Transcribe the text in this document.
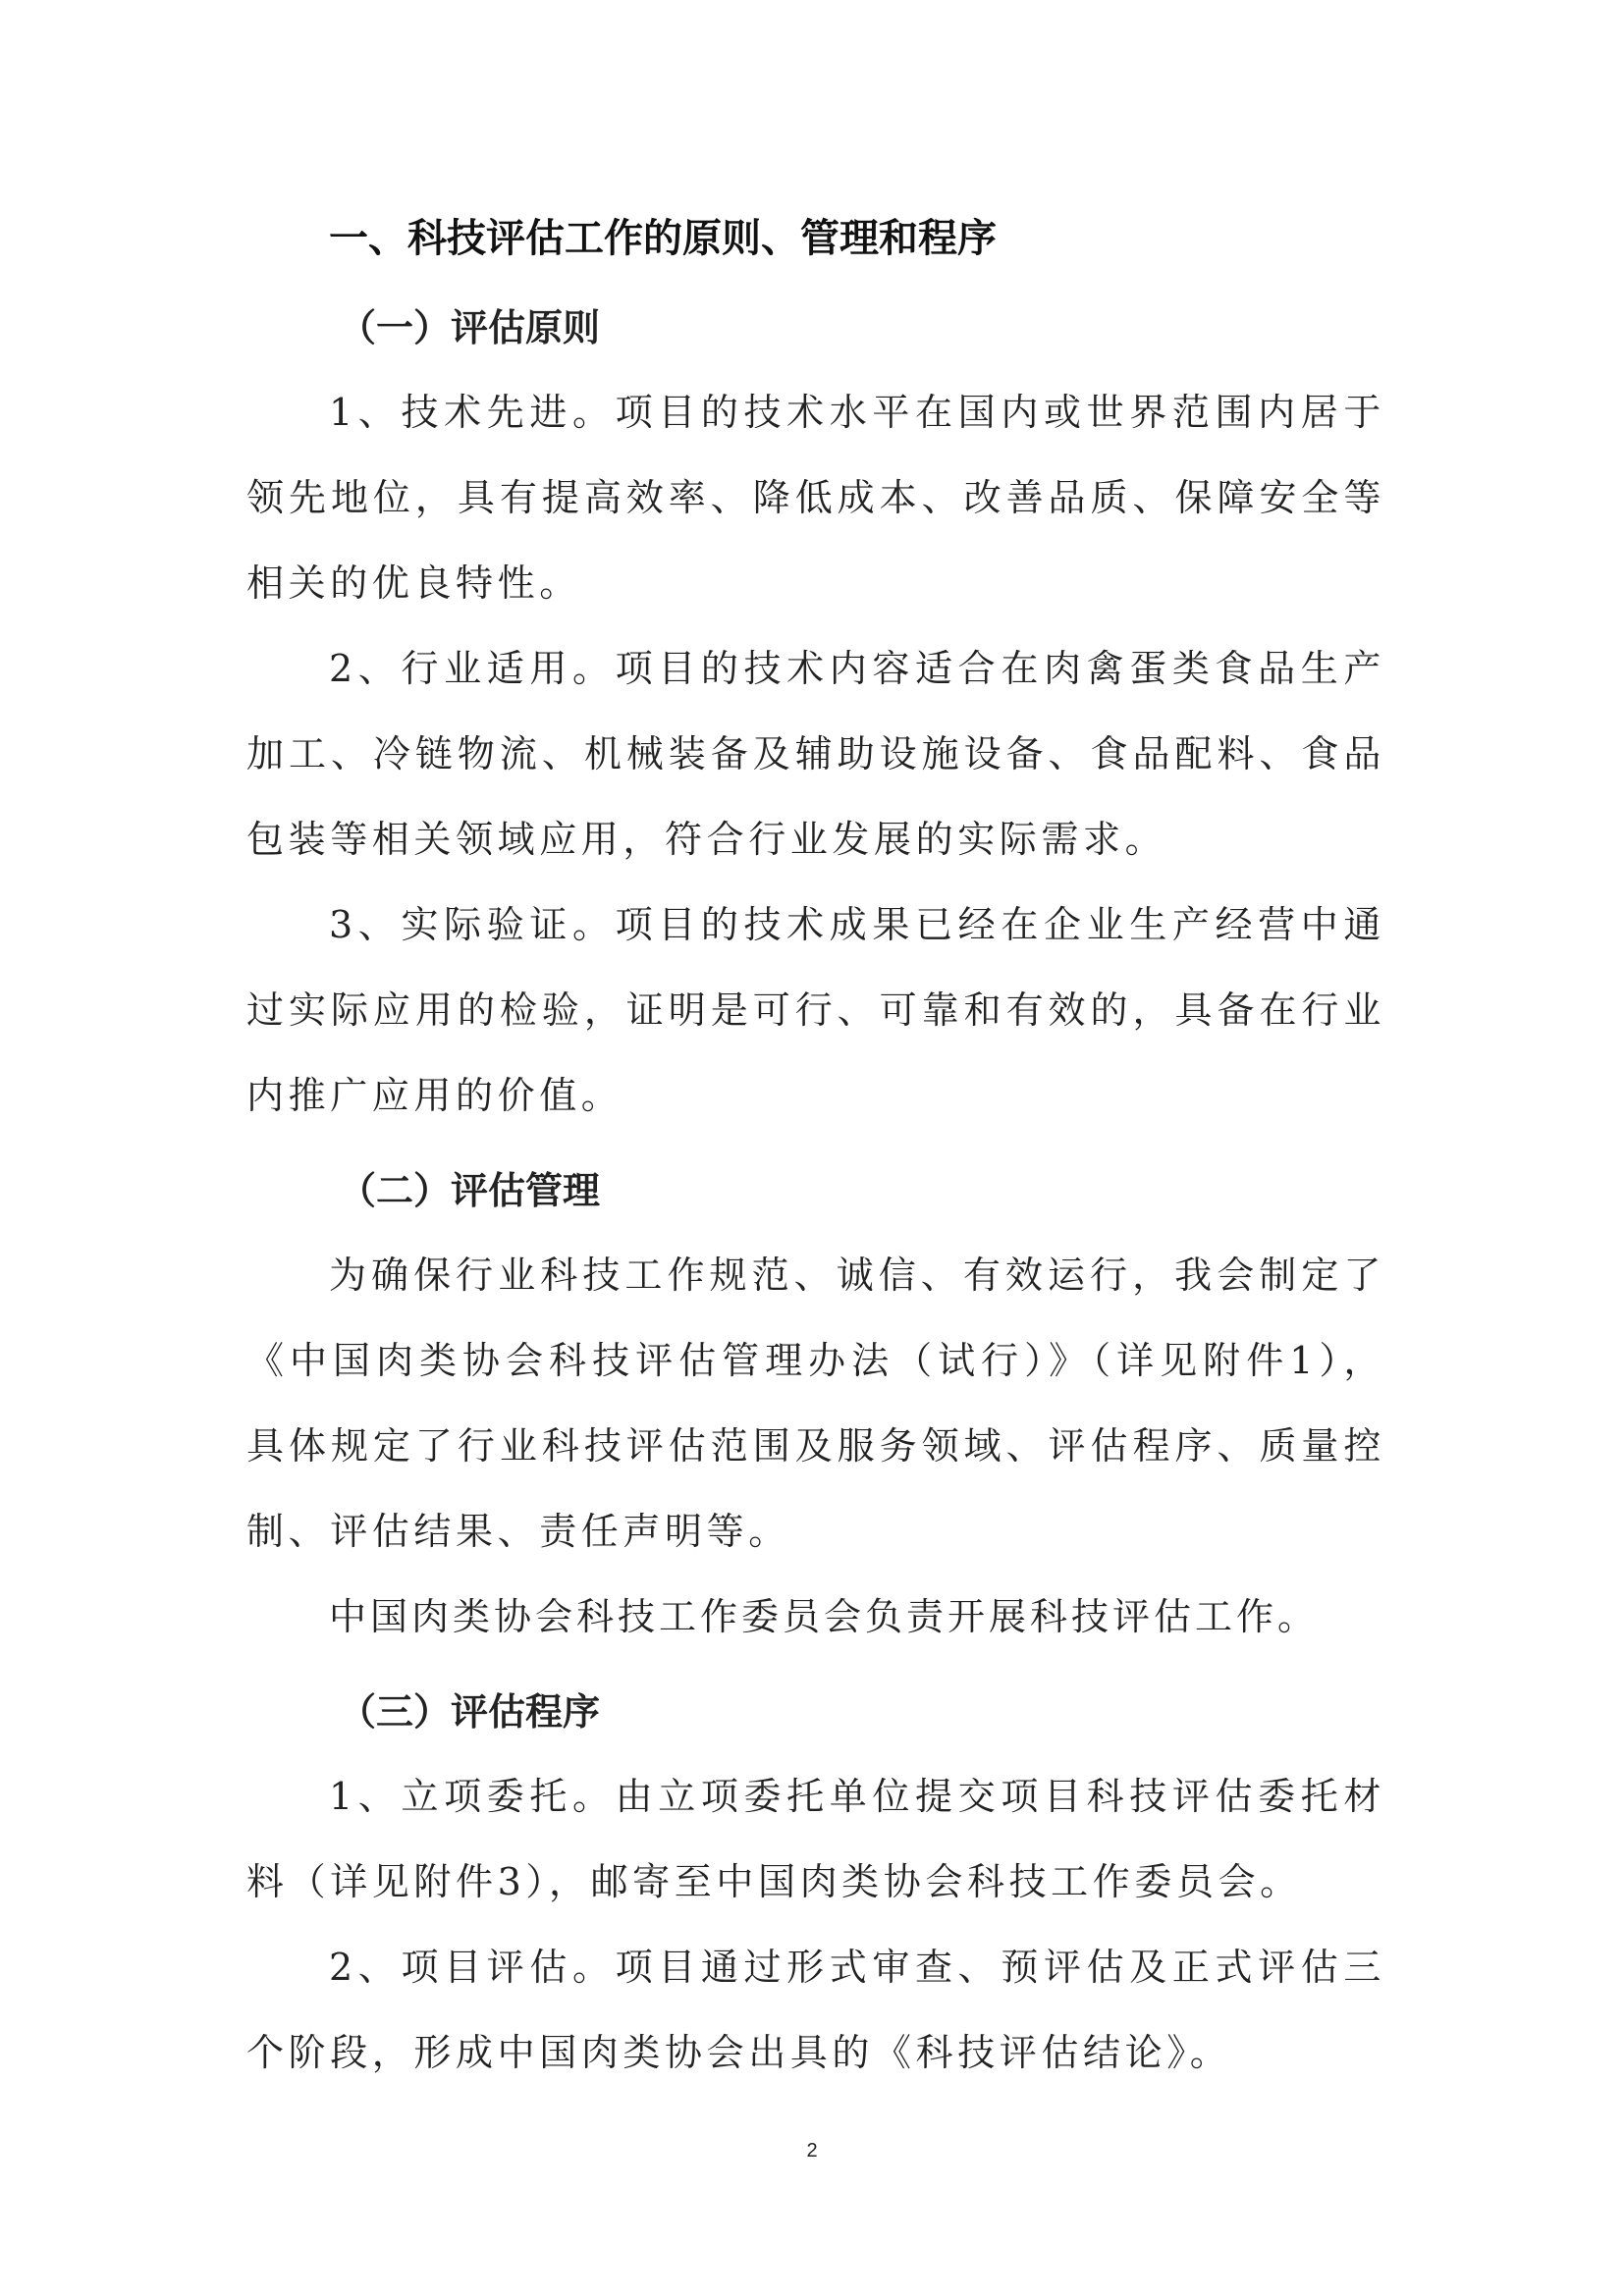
一、科技评估工作的原则、管理和程序
（一）评估原则

1、技术先进。项目的技术水平在国内或世界范围内居于领先地位，具有提高效率、降低成本、改善品质、保障安全等相关的优良特性。

2、行业适用。项目的技术内容适合在肉禽蛋类食品生产加工、冷链物流、机械装备及辅助设施设备、食品配料、食品包装等相关领域应用，符合行业发展的实际需求。

3、实际验证。项目的技术成果已经在企业生产经营中通过实际应用的检验，证明是可行、可靠和有效的，具备在行业内推广应用的价值。

（二）评估管理

为确保行业科技工作规范、诚信、有效运行，我会制定了《中国肉类协会科技评估管理办法（试行）》（详见附件1），具体规定了行业科技评估范围及服务领域、评估程序、质量控制、评估结果、责任声明等。

中国肉类协会科技工作委员会负责开展科技评估工作。

（三）评估程序

1、立项委托。由立项委托单位提交项目科技评估委托材料（详见附件3），邮寄至中国肉类协会科技工作委员会。

2、项目评估。项目通过形式审查、预评估及正式评估三个阶段，形成中国肉类协会出具的《科技评估结论》。

2
